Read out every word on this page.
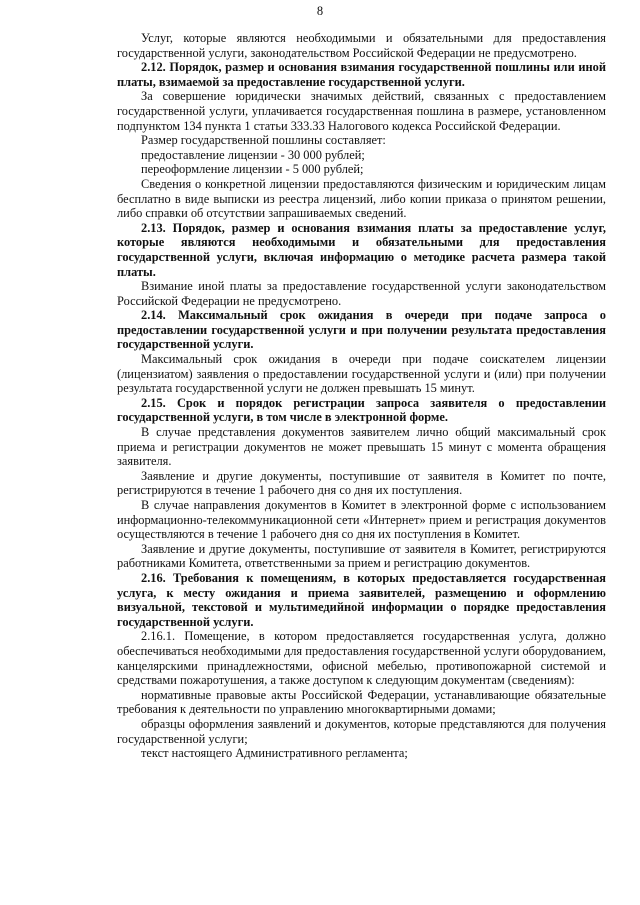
8

Услуг, которые являются необходимыми и обязательными для предоставления государственной услуги, законодательством Российской Федерации не предусмотрено.

2.12. Порядок, размер и основания взимания государственной пошлины или иной платы, взимаемой за предоставление государственной услуги.

За совершение юридически значимых действий, связанных с предоставлением государственной услуги, уплачивается государственная пошлина в размере, установленном подпунктом 134 пункта 1 статьи 333.33 Налогового кодекса Российской Федерации.

Размер государственной пошлины составляет:

предоставление лицензии - 30 000 рублей;

переоформление лицензии - 5 000 рублей;

Сведения о конкретной лицензии предоставляются физическим и юридическим лицам бесплатно в виде выписки из реестра лицензий, либо копии приказа о принятом решении, либо справки об отсутствии запрашиваемых сведений.

2.13. Порядок, размер и основания взимания платы за предоставление услуг, которые являются необходимыми и обязательными для предоставления государственной услуги, включая информацию о методике расчета размера такой платы.

Взимание иной платы за предоставление государственной услуги законодательством Российской Федерации не предусмотрено.

2.14. Максимальный срок ожидания в очереди при подаче запроса о предоставлении государственной услуги и при получении результата предоставления государственной услуги.

Максимальный срок ожидания в очереди при подаче соискателем лицензии (лицензиатом) заявления о предоставлении государственной услуги и (или) при получении результата государственной услуги не должен превышать 15 минут.

2.15. Срок и порядок регистрации запроса заявителя о предоставлении государственной услуги, в том числе в электронной форме.

В случае представления документов заявителем лично общий максимальный срок приема и регистрации документов не может превышать 15 минут с момента обращения заявителя.

Заявление и другие документы, поступившие от заявителя в Комитет по почте, регистрируются в течение 1 рабочего дня со дня их поступления.

В случае направления документов в Комитет в электронной форме с использованием информационно-телекоммуникационной сети «Интернет» прием и регистрация документов осуществляются в течение 1 рабочего дня со дня их поступления в Комитет.

Заявление и другие документы, поступившие от заявителя в Комитет, регистрируются работниками Комитета, ответственными за прием и регистрацию документов.

2.16. Требования к помещениям, в которых предоставляется государственная услуга, к месту ожидания и приема заявителей, размещению и оформлению визуальной, текстовой и мультимедийной информации о порядке предоставления государственной услуги.

2.16.1. Помещение, в котором предоставляется государственная услуга, должно обеспечиваться необходимыми для предоставления государственной услуги оборудованием, канцелярскими принадлежностями, офисной мебелью, противопожарной системой и средствами пожаротушения, а также доступом к следующим документам (сведениям):

нормативные правовые акты Российской Федерации, устанавливающие обязательные требования к деятельности по управлению многоквартирными домами;

образцы оформления заявлений и документов, которые представляются для получения государственной услуги;

текст настоящего Административного регламента;
